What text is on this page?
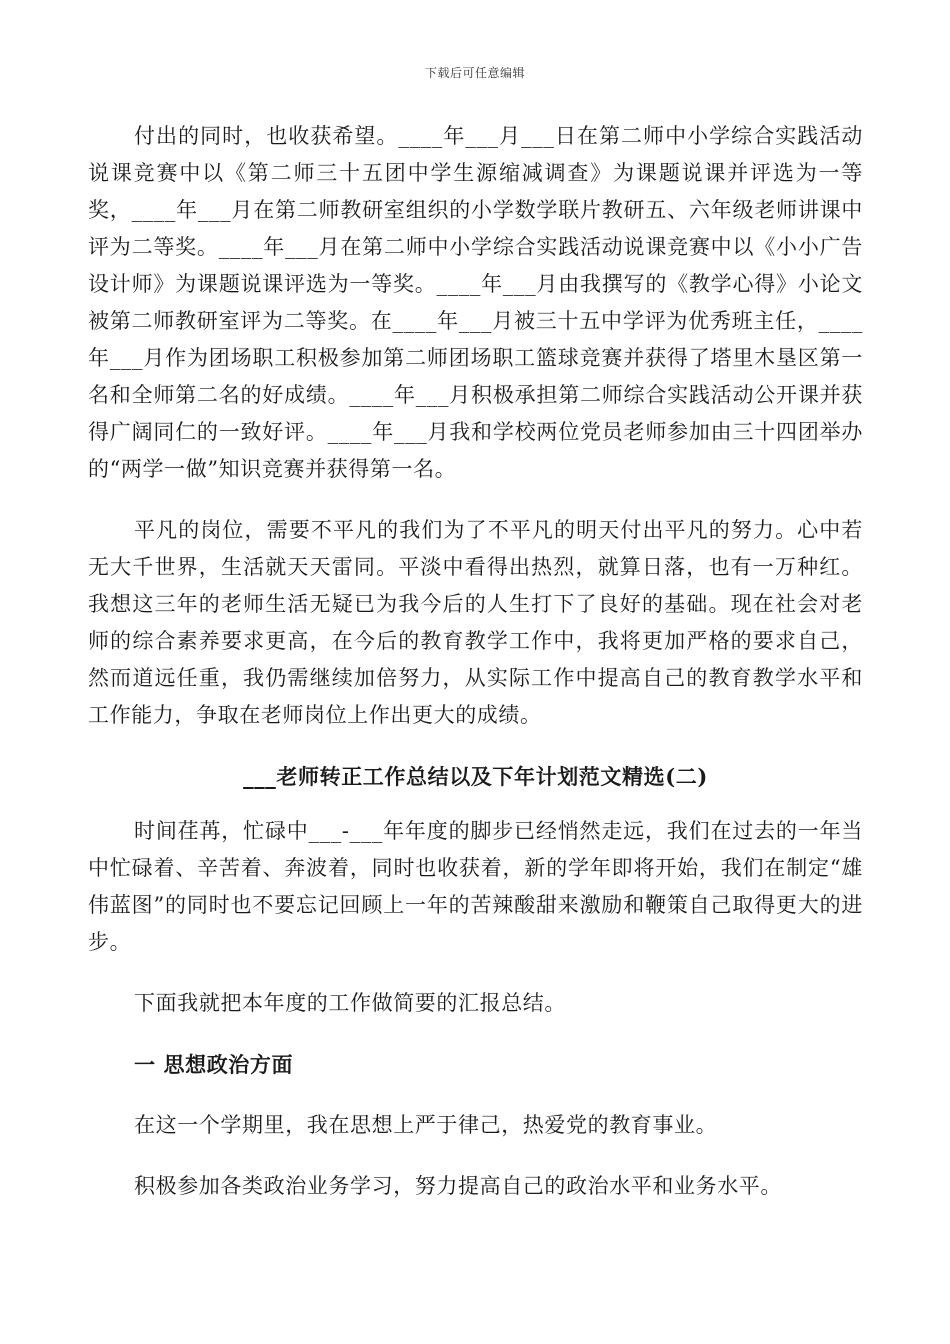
下载后可任意编辑

付出的同时，也收获希望。____年___月___日在第二师中小学综合实践活动说课竞赛中以《第二师三十五团中学生源缩减调查》为课题说课并评选为一等奖，____年___月在第二师教研室组织的小学数学联片教研五、六年级老师讲课中评为二等奖。____年___月在第二师中小学综合实践活动说课竞赛中以《小小广告设计师》为课题说课评选为一等奖。____年___月由我撰写的《教学心得》小论文被第二师教研室评为二等奖。在____年___月被三十五中学评为优秀班主任，____年___月作为团场职工积极参加第二师团场职工篮球竞赛并获得了塔里木垦区第一名和全师第二名的好成绩。____年___月积极承担第二师综合实践活动公开课并获得广阔同仁的一致好评。____年___月我和学校两位党员老师参加由三十四团举办的“两学一做”知识竞赛并获得第一名。

平凡的岗位，需要不平凡的我们为了不平凡的明天付出平凡的努力。心中若无大千世界，生活就天天雷同。平淡中看得出热烈，就算日落，也有一万种红。我想这三年的老师生活无疑已为我今后的人生打下了良好的基础。现在社会对老师的综合素养要求更高，在今后的教育教学工作中，我将更加严格的要求自己，然而道远任重，我仍需继续加倍努力，从实际工作中提高自己的教育教学水平和工作能力，争取在老师岗位上作出更大的成绩。

___老师转正工作总结以及下年计划范文精选(二)

时间荏苒，忙碌中___-___年年度的脚步已经悄然走远，我们在过去的一年当中忙碌着、辛苦着、奔波着，同时也收获着，新的学年即将开始，我们在制定“雄伟蓝图”的同时也不要忘记回顾上一年的苦辣酸甜来激励和鞭策自己取得更大的进步。

下面我就把本年度的工作做简要的汇报总结。

一 思想政治方面

在这一个学期里，我在思想上严于律己，热爱党的教育事业。

积极参加各类政治业务学习，努力提高自己的政治水平和业务水平。
